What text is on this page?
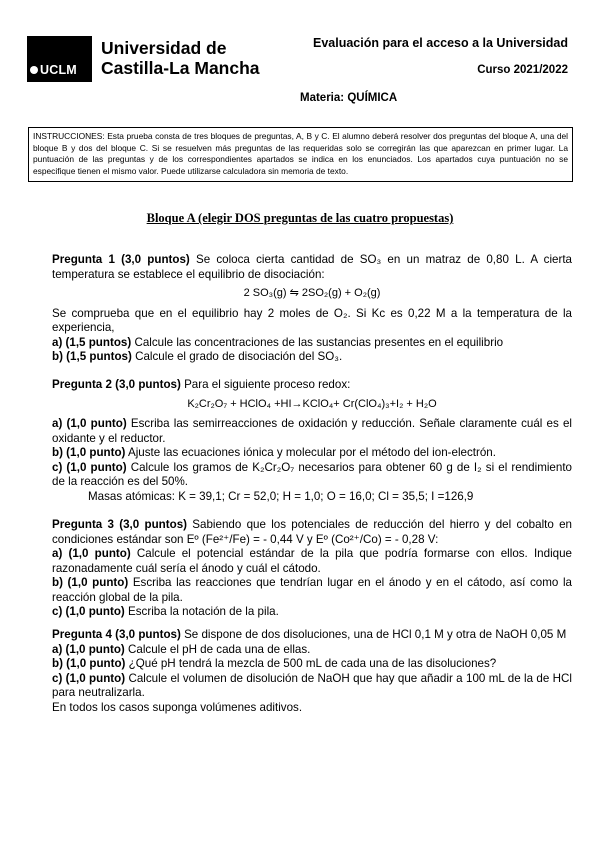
UCLM
Universidad de
Castilla-La Mancha
Evaluación para el acceso a la Universidad
Curso 2021/2022
Materia: QUÍMICA
INSTRUCCIONES: Esta prueba consta de tres bloques de preguntas, A, B y C. El alumno deberá resolver dos preguntas del bloque A, una del bloque B y dos del bloque C. Si se resuelven más preguntas de las requeridas solo se corregirán las que aparezcan en primer lugar. La puntuación de las preguntas y de los correspondientes apartados se indica en los enunciados. Los apartados cuya puntuación no se especifique tienen el mismo valor. Puede utilizarse calculadora sin memoria de texto.
Bloque A (elegir DOS preguntas de las cuatro propuestas)

Pregunta 1 (3,0 puntos) Se coloca cierta cantidad de SO₃ en un matraz de 0,80 L. A cierta temperatura se establece el equilibrio de disociación:

2 SO₃(g) ⇋ 2SO₂(g) + O₂(g)

Se comprueba que en el equilibrio hay 2 moles de O₂. Si Kc es 0,22 M a la temperatura de la experiencia,

a) (1,5 puntos) Calcule las concentraciones de las sustancias presentes en el equilibrio

b) (1,5 puntos) Calcule el grado de disociación del SO₃.

Pregunta 2 (3,0 puntos) Para el siguiente proceso redox:

K₂Cr₂O₇ + HClO₄ +HI→KClO₄+ Cr(ClO₄)₃+I₂ + H₂O

a) (1,0 punto) Escriba las semirreacciones de oxidación y reducción. Señale claramente cuál es el oxidante y el reductor.

b) (1,0 punto) Ajuste las ecuaciones iónica y molecular por el método del ion-electrón.

c) (1,0 punto) Calcule los gramos de K₂Cr₂O₇ necesarios para obtener 60 g de I₂ si el rendimiento de la reacción es del 50%.

Masas atómicas: K = 39,1; Cr = 52,0; H = 1,0; O = 16,0; Cl = 35,5; I =126,9

Pregunta 3 (3,0 puntos) Sabiendo que los potenciales de reducción del hierro y del cobalto en condiciones estándar son Eº (Fe²⁺/Fe) = - 0,44 V y Eº (Co²⁺/Co) = - 0,28 V:

a) (1,0 punto) Calcule el potencial estándar de la pila que podría formarse con ellos. Indique razonadamente cuál sería el ánodo y cuál el cátodo.

b) (1,0 punto) Escriba las reacciones que tendrían lugar en el ánodo y en el cátodo, así como la reacción global de la pila.

c) (1,0 punto) Escriba la notación de la pila.

Pregunta 4 (3,0 puntos) Se dispone de dos disoluciones, una de HCl 0,1 M y otra de NaOH 0,05 M

a) (1,0 punto) Calcule el pH de cada una de ellas.

b) (1,0 punto) ¿Qué pH tendrá la mezcla de 500 mL de cada una de las disoluciones?

c) (1,0 punto) Calcule el volumen de disolución de NaOH que hay que añadir a 100 mL de la de HCl para neutralizarla.

En todos los casos suponga volúmenes aditivos.
